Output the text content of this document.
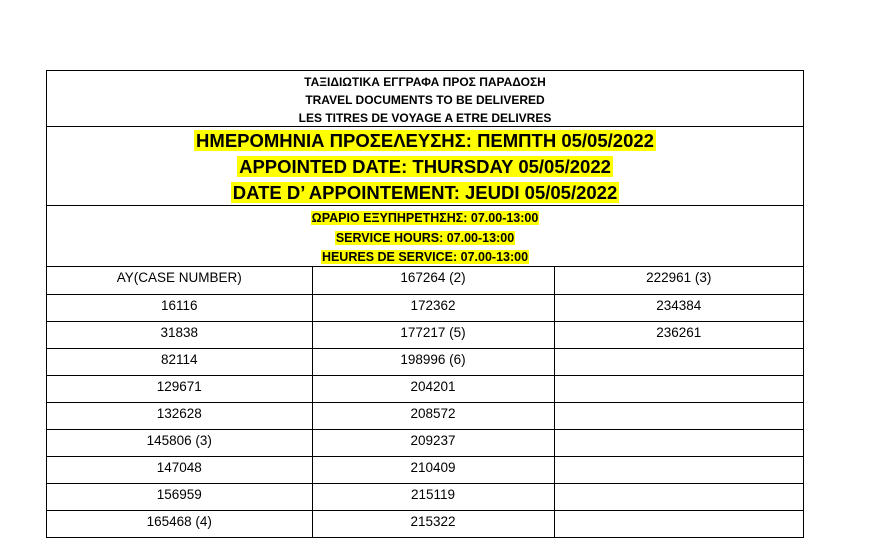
ΤΑΞΙΔΙΩΤΙΚΑ ΕΓΓΡΑΦΑ ΠΡΟΣ ΠΑΡΑΔΟΣΗ
TRAVEL DOCUMENTS TO BE DELIVERED
LES TITRES DE VOYAGE A ETRE DELIVRES
ΗΜΕΡΟΜΗΝΙΑ ΠΡΟΣΕΛΕΥΣΗΣ: ΠΕΜΠΤΗ 05/05/2022
APPOINTED DATE: THURSDAY 05/05/2022
DATE D’ APPOINTEMENT: JEUDI 05/05/2022
ΩΡΑΡΙΟ ΕΞΥΠΗΡΕΤΗΣΗΣ: 07.00-13:00
SERVICE HOURS: 07.00-13:00
HEURES DE SERVICE: 07.00-13:00
AY(CASE NUMBER)	167264 (2)	222961 (3)
16116	172362	234384
31838	177217 (5)	236261
82114	198996 (6)	
129671	204201	
132628	208572	
145806 (3)	209237	
147048	210409	
156959	215119	
165468 (4)	215322	
